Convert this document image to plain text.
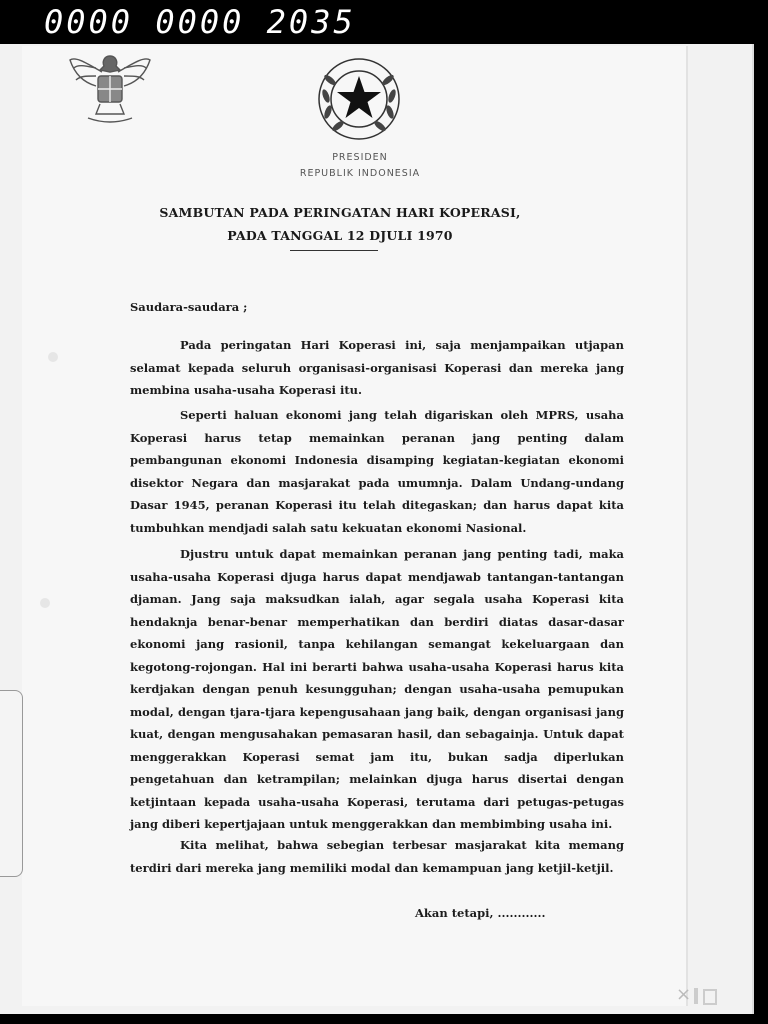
0000 0000 2035
PRESIDEN
REPUBLIK INDONESIA
SAMBUTAN PADA PERINGATAN HARI KOPERASI,
PADA TANGGAL 12 DJULI 1970
Saudara-saudara ;

Pada peringatan Hari Koperasi ini, saja menjampaikan utjapan selamat kepada seluruh organisasi-organisasi Koperasi dan mereka jang membina usaha-usaha Koperasi itu.

Seperti haluan ekonomi jang telah digariskan oleh MPRS, usaha Koperasi harus tetap memainkan peranan jang penting dalam pembangunan ekonomi Indonesia disamping kegiatan-kegiatan ekonomi disektor Negara dan masjarakat pada umumnja. Dalam Undang-undang Dasar 1945, peranan Koperasi itu telah ditegaskan; dan harus dapat kita tumbuhkan mendjadi salah satu kekuatan ekonomi Nasional.

Djustru untuk dapat memainkan peranan jang penting tadi, maka usaha-usaha Koperasi djuga harus dapat mendjawab tantangan-tantangan djaman. Jang saja maksudkan ialah, agar segala usaha Koperasi kita hendaknja benar-benar memperhatikan dan berdiri diatas dasar-dasar ekonomi jang rasionil, tanpa kehilangan semangat kekeluargaan dan kegotong-rojongan. Hal ini berarti bahwa usaha-usaha Koperasi harus kita kerdjakan dengan penuh kesungguhan; dengan usaha-usaha pemupukan modal, dengan tjara-tjara kepengusahaan jang baik, dengan organisasi jang kuat, dengan mengusahakan pemasaran hasil, dan sebagainja. Untuk dapat menggerakkan Koperasi semat jam itu, bukan sadja diperlukan pengetahuan dan ketrampilan; melainkan djuga harus disertai dengan ketjintaan kepada usaha-usaha Koperasi, terutama dari petugas-petugas jang diberi kepertjajaan untuk menggerakkan dan membimbing usaha ini.

Kita melihat, bahwa sebegian terbesar masjarakat kita memang terdiri dari mereka jang memiliki modal dan kemampuan jang ketjil-ketjil.

Akan tetapi, ............
×
